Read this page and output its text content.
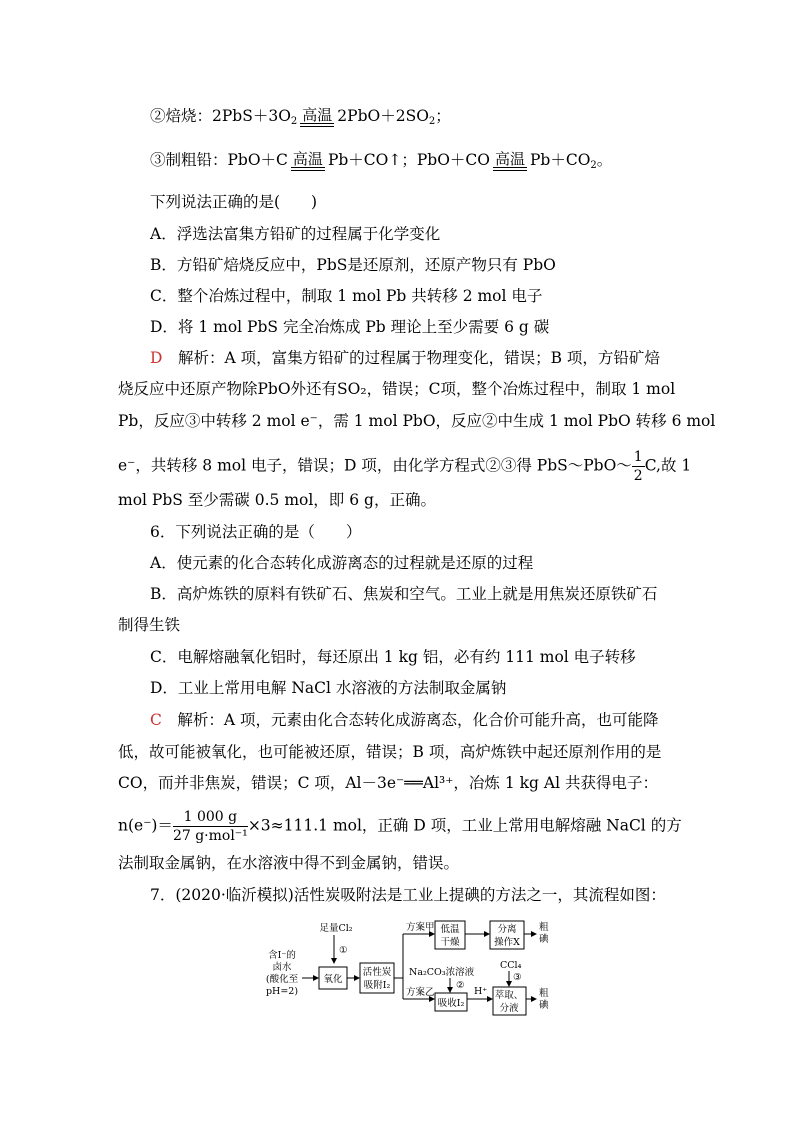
②焙烧：$2PbS+3O_2$ 高温 $2PbO+2SO_2$；
③制粗铅：PbO＋C 高温 Pb＋CO↑；PbO＋CO 高温 $Pb+CO_2$。
下列说法正确的是(　　)
A．浮选法富集方铅矿的过程属于化学变化
B．方铅矿焙烧反应中，PbS是还原剂，还原产物只有 PbO
C．整个冶炼过程中，制取 1 mol Pb 共转移 2 mol 电子
D．将 1 mol PbS 完全冶炼成 Pb 理论上至少需要 6 g 碳
D　 解析：A 项，富集方铅矿的过程属于物理变化，错误；B 项，方铅矿焙
烧反应中还原产物除PbO外还有SO₂，错误；C项，整个冶炼过程中，制取 1 mol
Pb，反应③中转移 2 mol e⁻，需 1 mol PbO，反应②中生成 1 mol PbO 转移 6 mol
e⁻，共转移 8 mol 电子，错误；D 项，由化学方程式②③得 PbS～PbO～ $\frac{1}{2} C$,故 1
mol PbS 至少需碳 0.5 mol，即 6 g，正确。
6．下列说法正确的是（　　）
A．使元素的化合态转化成游离态的过程就是还原的过程
B．高炉炼铁的原料有铁矿石、焦炭和空气。工业上就是用焦炭还原铁矿石
制得生铁
C．电解熔融氧化铝时，每还原出 1 kg 铝，必有约 111 mol 电子转移
D．工业上常用电解 NaCl 水溶液的方法制取金属钠
C　 解析：A 项，元素由化合态转化成游离态，化合价可能升高，也可能降
低，故可能被氧化，也可能被还原，错误；B 项，高炉炼铁中起还原剂作用的是
CO，而并非焦炭，错误；C 项，Al－3e⁻══Al³⁺，冶炼 1 kg Al 共获得电子：
$n(e^-)= \frac{1 000 g}{\text{27 g·mol⁻¹}} \times 3\approx 111.1$ mol，正确 D 项，工业上常用电解熔融 NaCl 的方
法制取金属钠，在水溶液中得不到金属钠，错误。
7．(2020·临沂模拟)活性炭吸附法是工业上提碘的方法之一，其流程如图：
含I⁻的
卤水
(酸化至
pH=2)
足量Cl₂
①
氧化
活性炭
吸附I₂
方案甲 低温
干燥
分离
操作X
粗
碘
Na₂CO₃浓溶液
②
方案乙
吸收I₂
H⁺
CCl₄
③
萃取、
分液
粗
碘
